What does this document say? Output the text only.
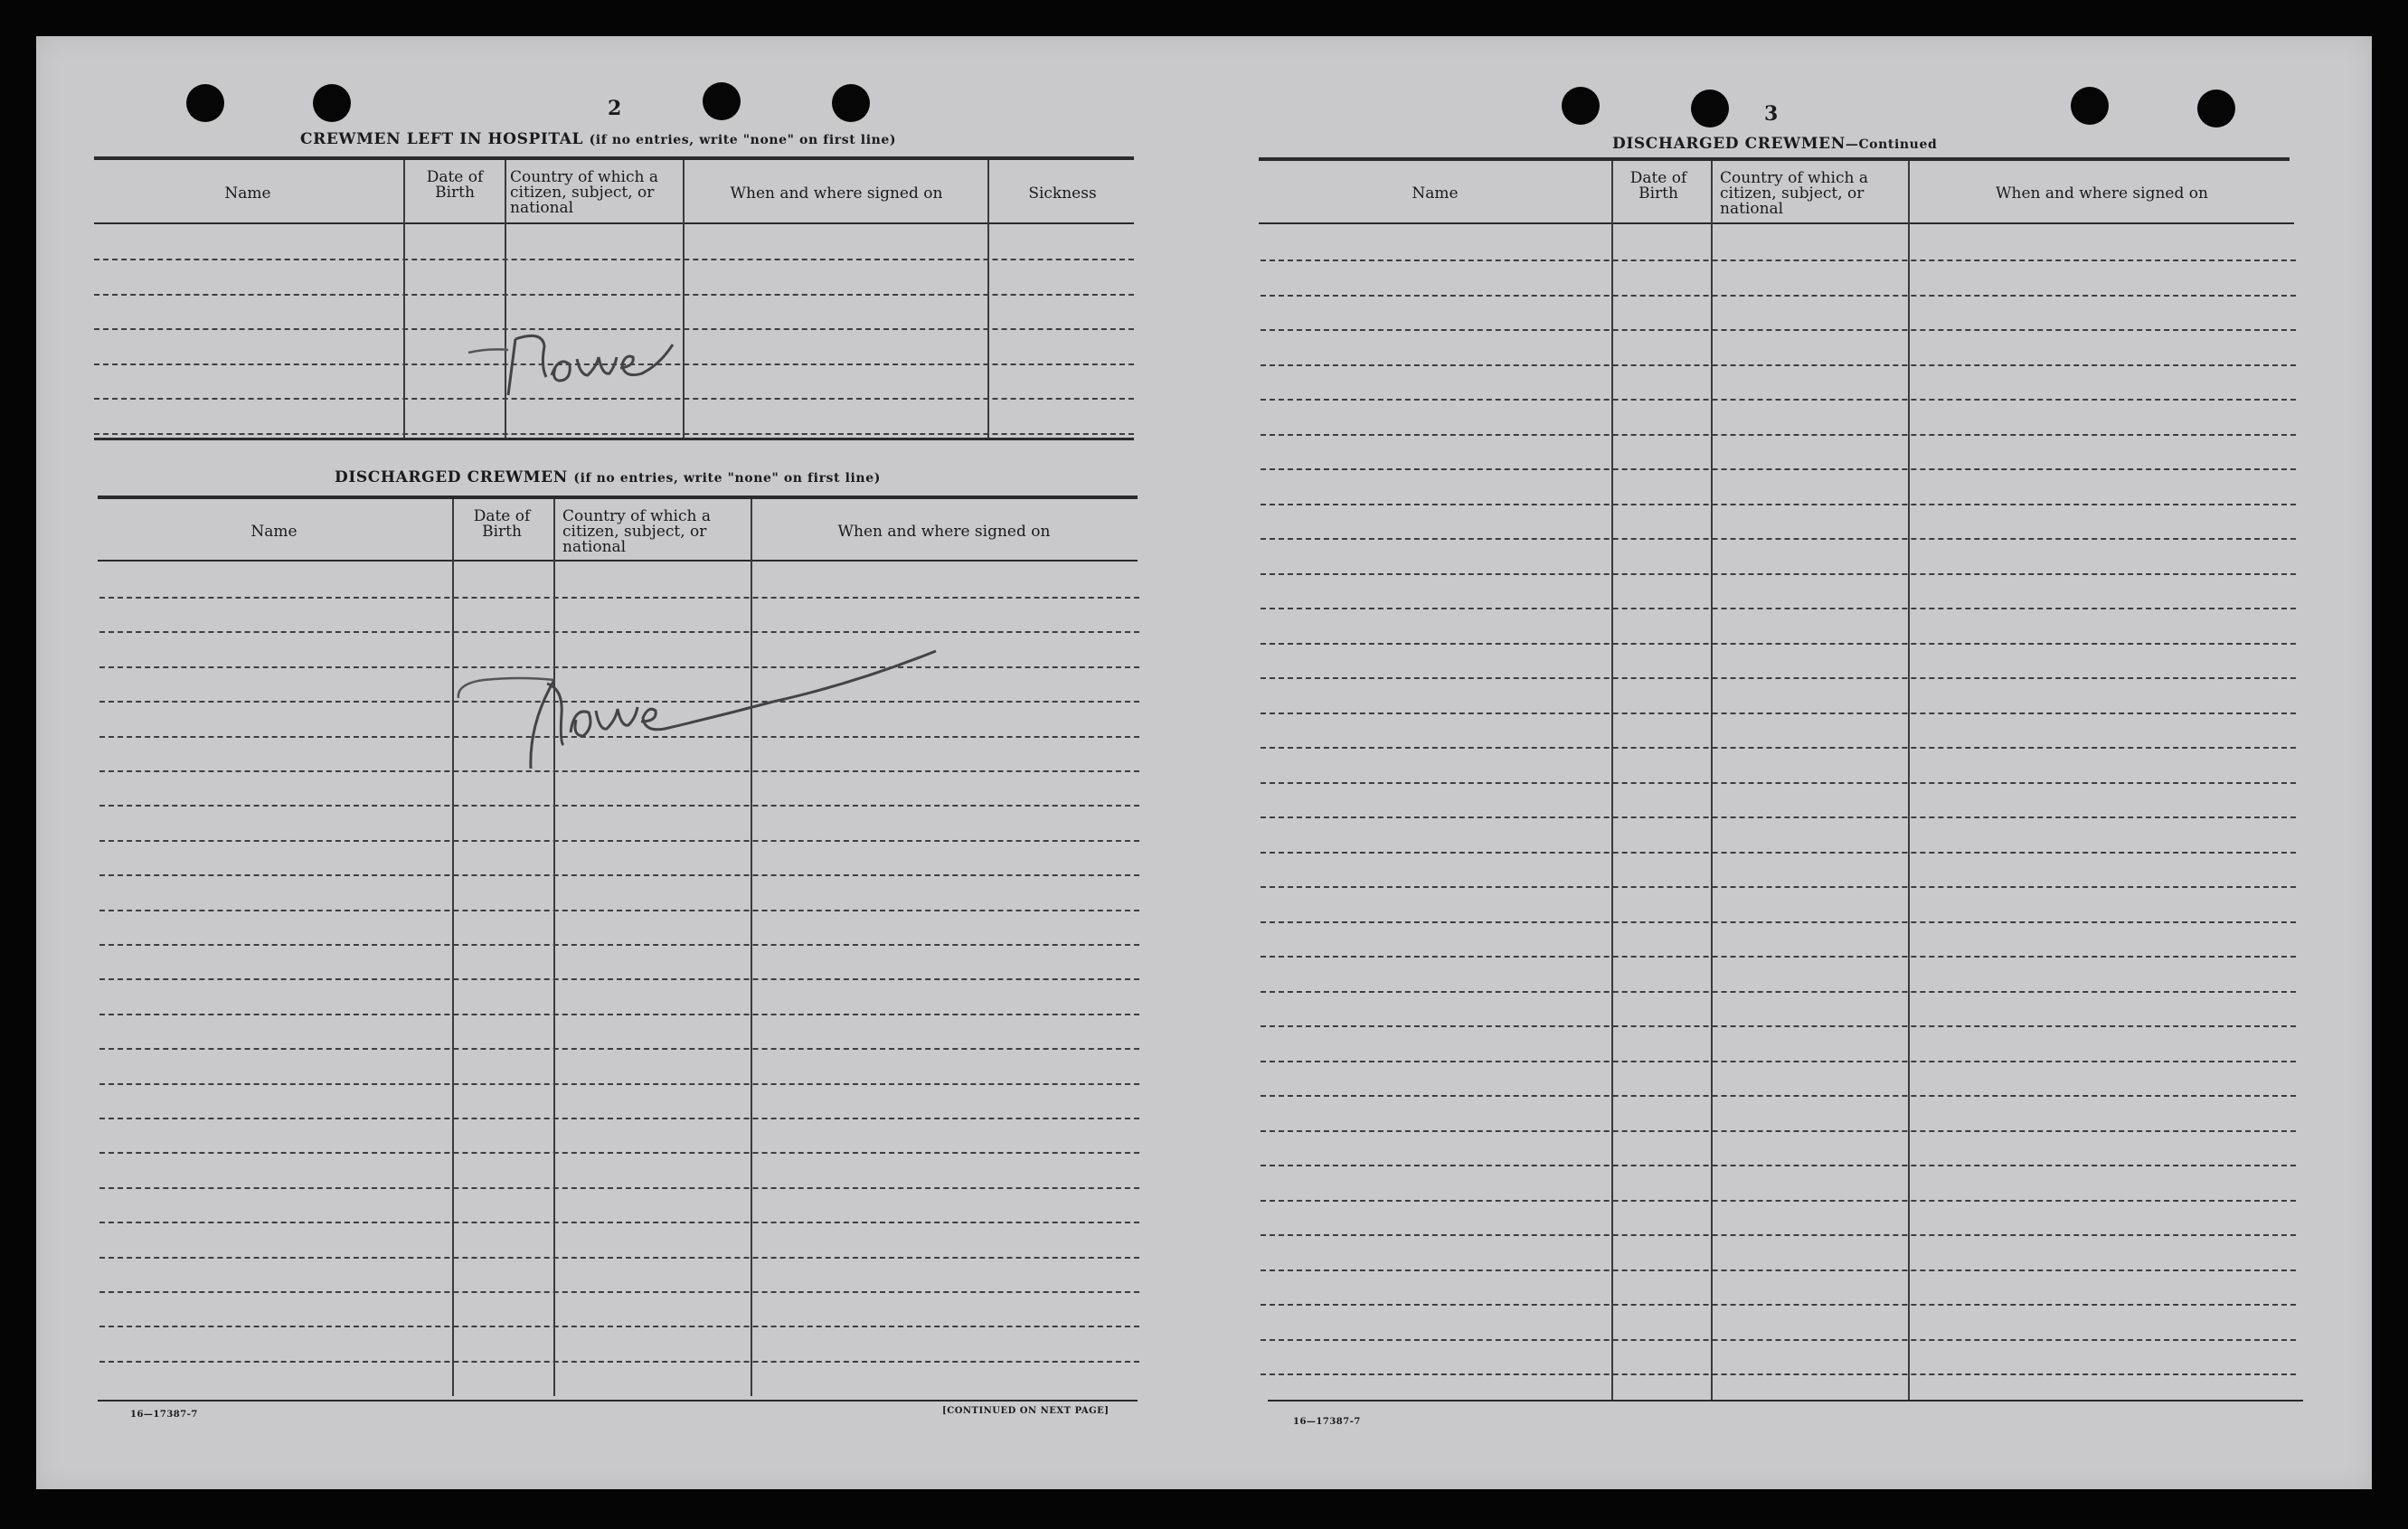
2
CREWMEN LEFT IN HOSPITAL (if no entries, write "none" on first line)
Name
Date of Birth
Country of which a citizen, subject, or national
When and where signed on	Sickness
DISCHARGED CREWMEN (if no entries, write "none" on first line)
Name
Date of Birth
Country of which a citizen, subject, or national
When and where signed on
16—17387-7	[CONTINUED ON NEXT PAGE]
3
DISCHARGED CREWMEN—Continued
Name
Date of Birth
Country of which a citizen, subject, or national
When and where signed on
16—17387-7
